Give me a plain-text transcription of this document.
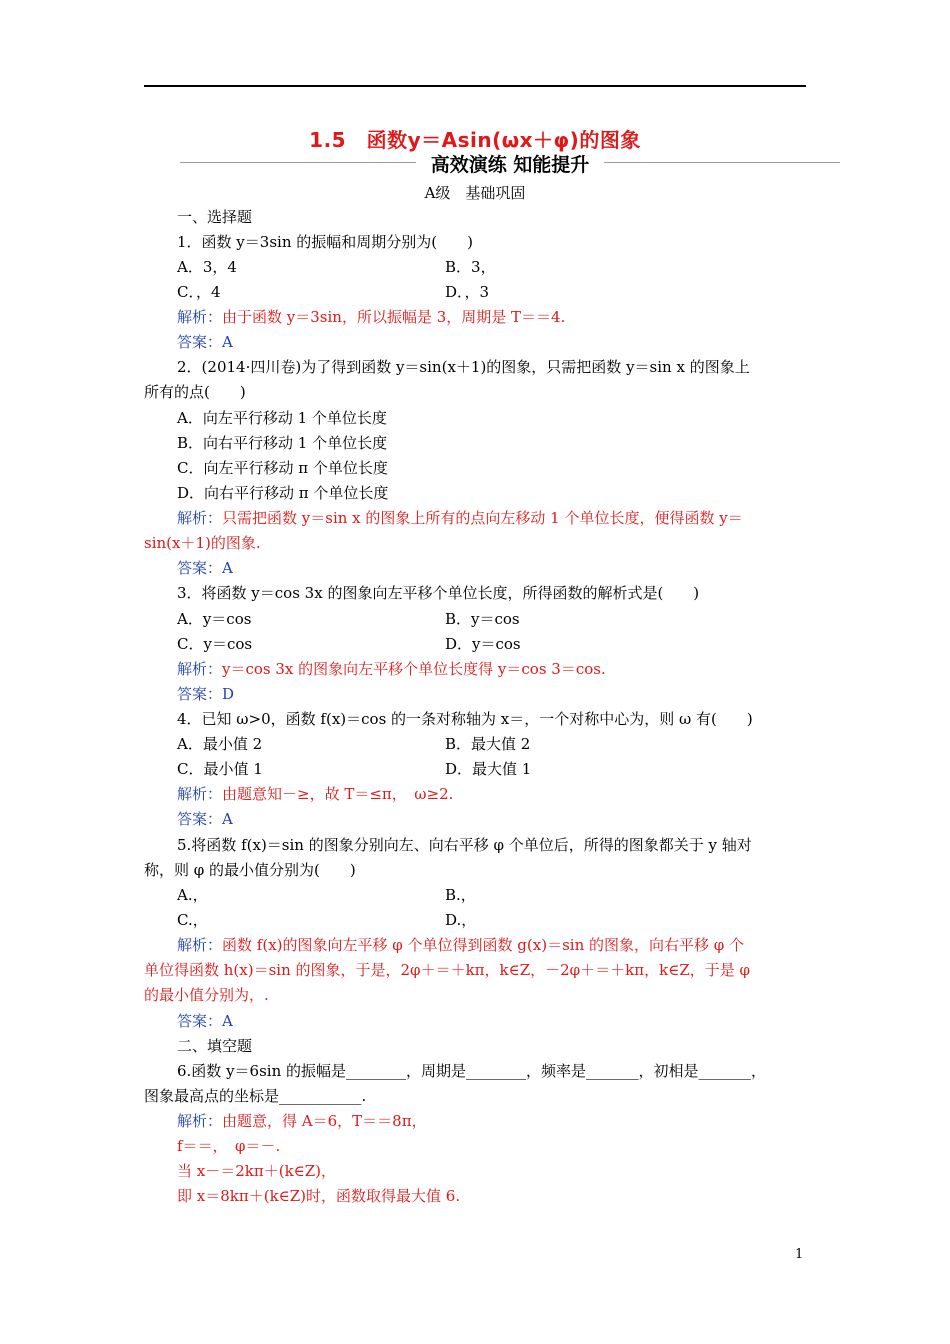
1.5　函数y＝Asin(ωx＋φ)的图象
高效演练 知能提升
A级　基础巩固
一、选择题
1．函数 y＝3sin 的振幅和周期分别为(　　)
A．3，4	B．3，
C．，4	D．，3
解析：由于函数 y＝3sin，所以振幅是 3，周期是 T＝＝4.
答案：A
2．(2014·四川卷)为了得到函数 y＝sin(x＋1)的图象，只需把函数 y＝sin x 的图象上
所有的点(　　)
A．向左平行移动 1 个单位长度
B．向右平行移动 1 个单位长度
C．向左平行移动 π 个单位长度
D．向右平行移动 π 个单位长度
解析：只需把函数 y＝sin x 的图象上所有的点向左移动 1 个单位长度，便得函数 y＝
sin(x＋1)的图象.
答案：A
3．将函数 y＝cos 3x 的图象向左平移个单位长度，所得函数的解析式是(　　)
A．y＝cos	B．y＝cos
C．y＝cos	D．y＝cos
解析：y＝cos 3x 的图象向左平移个单位长度得 y＝cos 3＝cos.
答案：D
4．已知 ω>0，函数 f(x)＝cos 的一条对称轴为 x＝，一个对称中心为，则 ω 有(　　)
A．最小值 2	B．最大值 2
C．最小值 1	D．最大值 1
解析：由题意知－≥，故 T＝≤π，　ω≥2.
答案：A
5.将函数 f(x)＝sin 的图象分别向左、向右平移 φ 个单位后，所得的图象都关于 y 轴对
称，则 φ 的最小值分别为(　　)
A.，	B.，
C.，	D.，
解析：函数 f(x)的图象向左平移 φ 个单位得到函数 g(x)＝sin 的图象，向右平移 φ 个
单位得函数 h(x)＝sin 的图象，于是，2φ＋＝＋kπ，k∈Z，－2φ＋＝＋kπ，k∈Z，于是 φ
的最小值分别为，.
答案：A
二、填空题
6.函数 y＝6sin 的振幅是________，周期是________，频率是_______，初相是_______，
图象最高点的坐标是___________.
解析：由题意，得 A＝6，T＝＝8π，
f＝＝，　φ＝－.
当 x－＝2kπ＋(k∈Z)，
即 x＝8kπ＋(k∈Z)时，函数取得最大值 6.
1
